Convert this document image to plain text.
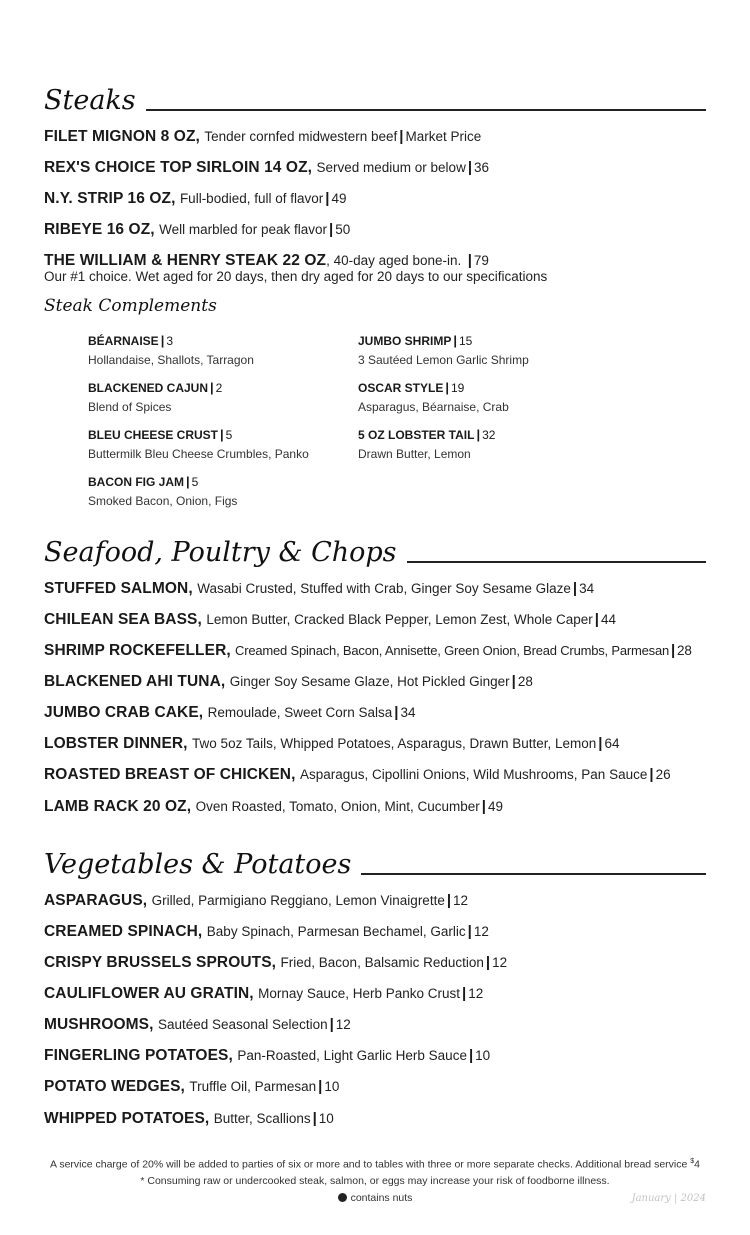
Steaks
FILET MIGNON 8 OZ, Tender cornfed midwestern beef | Market Price
REX'S CHOICE TOP SIRLOIN 14 OZ, Served medium or below | 36
N.Y. STRIP 16 OZ, Full-bodied, full of flavor | 49
RIBEYE 16 OZ, Well marbled for peak flavor | 50
THE WILLIAM & HENRY STEAK 22 OZ, 40-day aged bone-in. | 79
Our #1 choice. Wet aged for 20 days, then dry aged for 20 days to our specifications
Steak Complements
BÉARNAISE | 3
Hollandaise, Shallots, Tarragon
BLACKENED CAJUN | 2
Blend of Spices
BLEU CHEESE CRUST | 5
Buttermilk Bleu Cheese Crumbles, Panko
BACON FIG JAM | 5
Smoked Bacon, Onion, Figs
JUMBO SHRIMP | 15
3 Sautéed Lemon Garlic Shrimp
OSCAR STYLE | 19
Asparagus, Béarnaise, Crab
5 OZ LOBSTER TAIL | 32
Drawn Butter, Lemon
Seafood, Poultry & Chops
STUFFED SALMON, Wasabi Crusted, Stuffed with Crab, Ginger Soy Sesame Glaze | 34
CHILEAN SEA BASS, Lemon Butter, Cracked Black Pepper, Lemon Zest, Whole Caper | 44
SHRIMP ROCKEFELLER, Creamed Spinach, Bacon, Annisette, Green Onion, Bread Crumbs, Parmesan | 28
BLACKENED AHI TUNA, Ginger Soy Sesame Glaze, Hot Pickled Ginger | 28
JUMBO CRAB CAKE, Remoulade, Sweet Corn Salsa | 34
LOBSTER DINNER, Two 5oz Tails, Whipped Potatoes, Asparagus, Drawn Butter, Lemon | 64
ROASTED BREAST OF CHICKEN, Asparagus, Cipollini Onions, Wild Mushrooms, Pan Sauce | 26
LAMB RACK 20 OZ, Oven Roasted, Tomato, Onion, Mint, Cucumber | 49
Vegetables & Potatoes
ASPARAGUS, Grilled, Parmigiano Reggiano, Lemon Vinaigrette | 12
CREAMED SPINACH, Baby Spinach, Parmesan Bechamel, Garlic | 12
CRISPY BRUSSELS SPROUTS, Fried, Bacon, Balsamic Reduction | 12
CAULIFLOWER AU GRATIN, Mornay Sauce, Herb Panko Crust | 12
MUSHROOMS, Sautéed Seasonal Selection | 12
FINGERLING POTATOES, Pan-Roasted, Light Garlic Herb Sauce | 10
POTATO WEDGES, Truffle Oil, Parmesan | 10
WHIPPED POTATOES, Butter, Scallions | 10
A service charge of 20% will be added to parties of six or more and to tables with three or more separate checks. Additional bread service $4
* Consuming raw or undercooked steak, salmon, or eggs may increase your risk of foodborne illness.
contains nuts	January | 2024
